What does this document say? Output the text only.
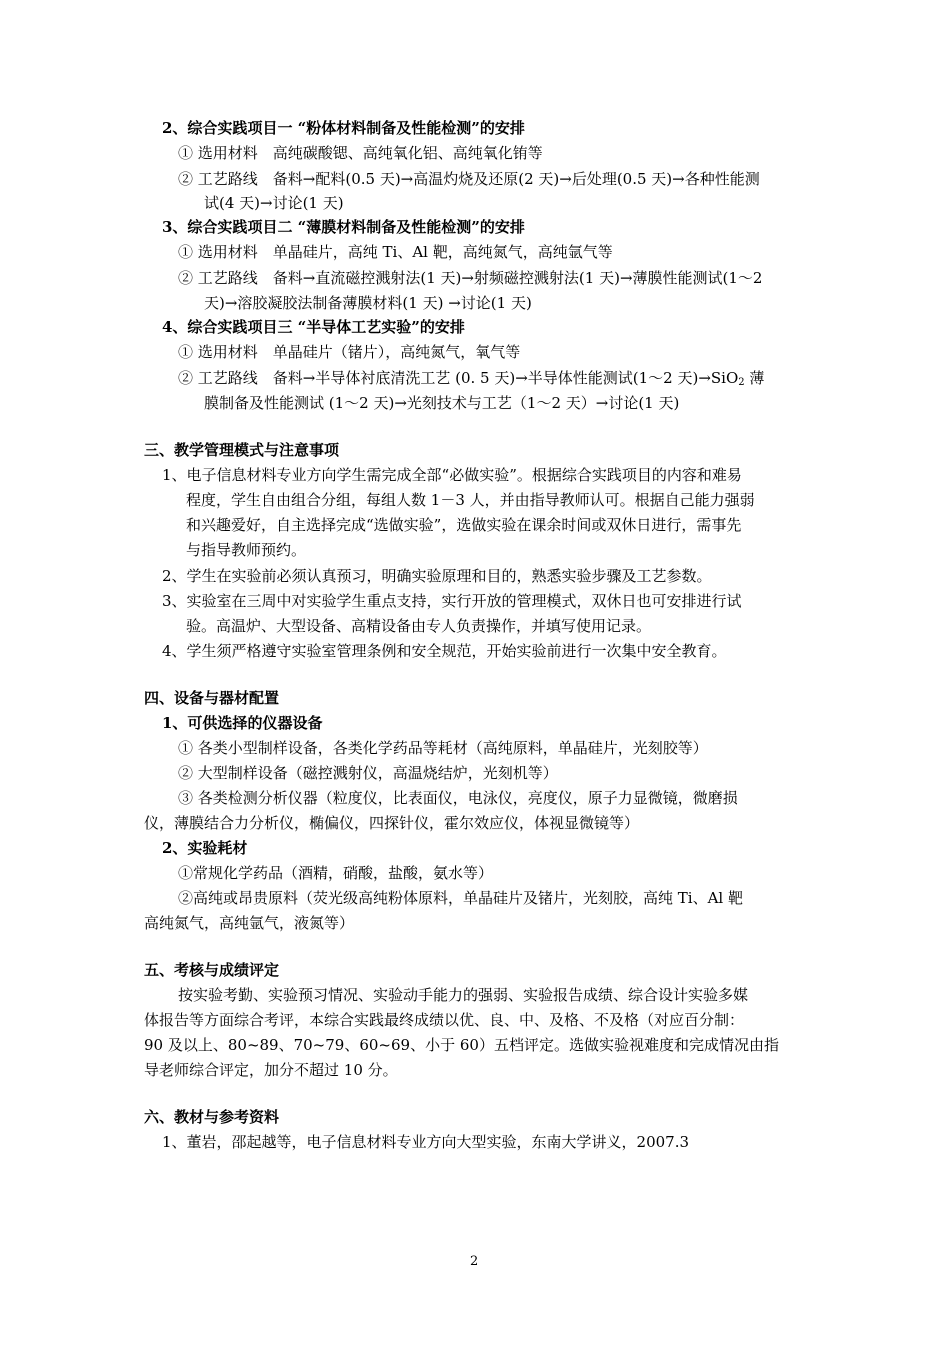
2、综合实践项目一 “粉体材料制备及性能检测”的安排
① 选用材料　高纯碳酸锶、高纯氧化铝、高纯氧化铕等
② 工艺路线　备料→配料(0.5 天)→高温灼烧及还原(2 天)→后处理(0.5 天)→各种性能测
试(4 天)→讨论(1 天)
3、综合实践项目二 “薄膜材料制备及性能检测”的安排
① 选用材料　单晶硅片，高纯 Ti、Al 靶，高纯氮气，高纯氩气等
② 工艺路线　备料→直流磁控溅射法(1 天)→射频磁控溅射法(1 天)→薄膜性能测试(1～2
天)→溶胶凝胶法制备薄膜材料(1 天) →讨论(1 天)
4、综合实践项目三 “半导体工艺实验”的安排
① 选用材料　单晶硅片（锗片），高纯氮气，氧气等
② 工艺路线　备料→半导体衬底清洗工艺 (0. 5 天)→半导体性能测试(1～2 天)→SiO$_2$ 薄
膜制备及性能测试 (1～2 天)→光刻技术与工艺（1～2 天）→讨论(1 天)
三、教学管理模式与注意事项
1、电子信息材料专业方向学生需完成全部“必做实验”。根据综合实践项目的内容和难易
程度，学生自由组合分组，每组人数 1－3 人，并由指导教师认可。根据自己能力强弱
和兴趣爱好，自主选择完成“选做实验”，选做实验在课余时间或双休日进行，需事先
与指导教师预约。
2、学生在实验前必须认真预习，明确实验原理和目的，熟悉实验步骤及工艺参数。
3、实验室在三周中对实验学生重点支持，实行开放的管理模式，双休日也可安排进行试
验。高温炉、大型设备、高精设备由专人负责操作，并填写使用记录。
4、学生须严格遵守实验室管理条例和安全规范，开始实验前进行一次集中安全教育。
四、设备与器材配置
1、可供选择的仪器设备
① 各类小型制样设备，各类化学药品等耗材（高纯原料，单晶硅片，光刻胶等）
② 大型制样设备（磁控溅射仪，高温烧结炉，光刻机等）
③ 各类检测分析仪器（粒度仪，比表面仪，电泳仪，亮度仪，原子力显微镜，微磨损
仪，薄膜结合力分析仪，椭偏仪，四探针仪，霍尔效应仪，体视显微镜等）
2、实验耗材
①常规化学药品（酒精，硝酸，盐酸，氨水等）
②高纯或昂贵原料（荧光级高纯粉体原料，单晶硅片及锗片，光刻胶，高纯 Ti、Al 靶
高纯氮气，高纯氩气，液氮等）
五、考核与成绩评定
按实验考勤、实验预习情况、实验动手能力的强弱、实验报告成绩、综合设计实验多媒
体报告等方面综合考评，本综合实践最终成绩以优、良、中、及格、不及格（对应百分制：
90 及以上、80~89、70~79、60~69、小于 60）五档评定。选做实验视难度和完成情况由指
导老师综合评定，加分不超过 10 分。
六、教材与参考资料
1、董岩，邵起越等，电子信息材料专业方向大型实验，东南大学讲义，2007.3
2
